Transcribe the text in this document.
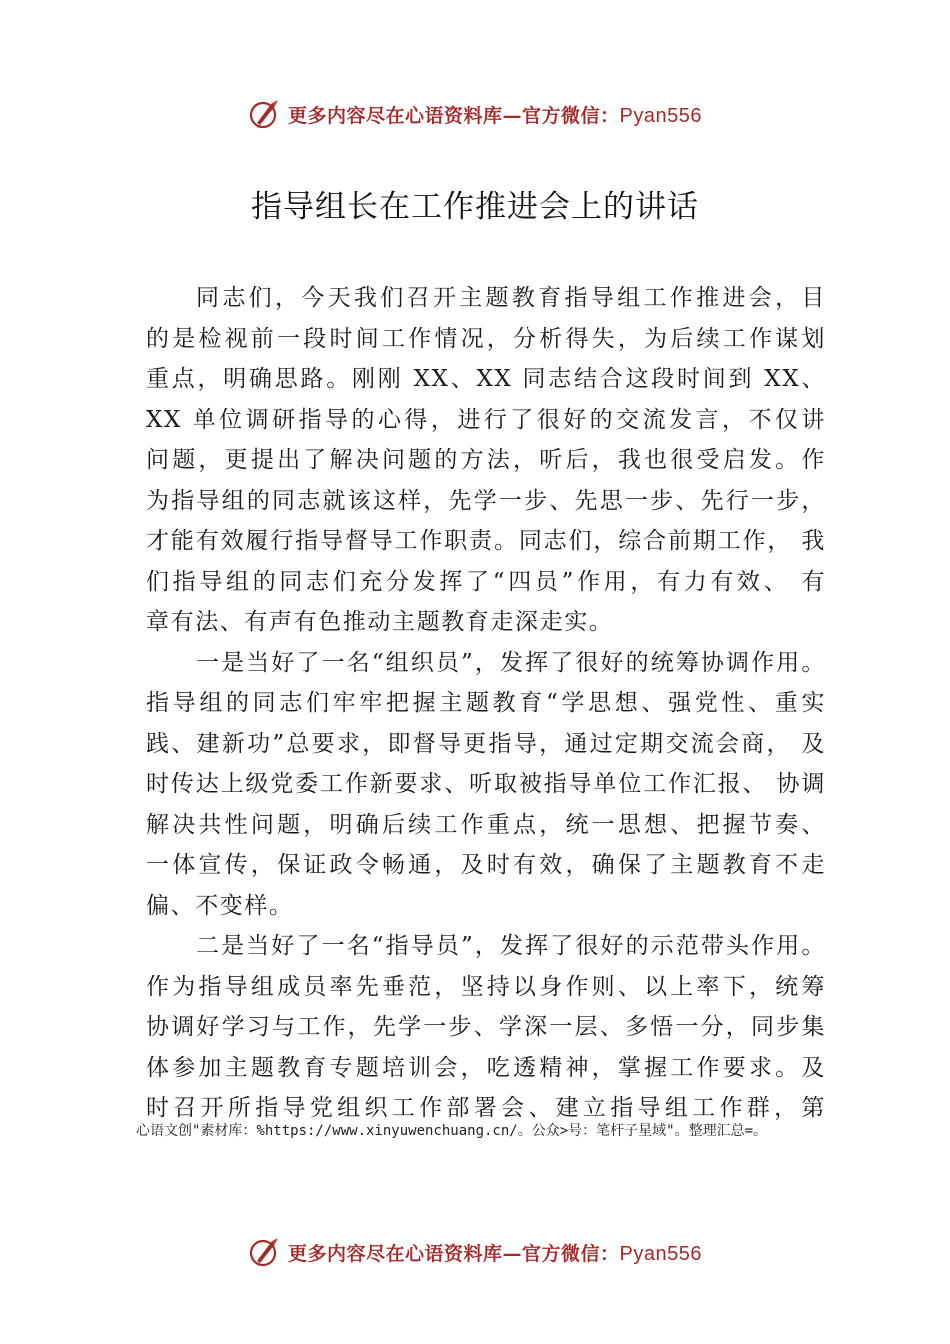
更多内容尽在心语资料库—官方微信：Pyan556
指导组长在工作推进会上的讲话
同志们，今天我们召开主题教育指导组工作推进会，目
的是检视前一段时间工作情况，分析得失，为后续工作谋划
重点，明确思路。刚刚 XX、XX 同志结合这段时间到 XX、
XX 单位调研指导的心得，进行了很好的交流发言，不仅讲
问题，更提出了解决问题的方法，听后，我也很受启发。作
为指导组的同志就该这样，先学一步、先思一步、先行一步，
才能有效履行指导督导工作职责。同志们，综合前期工作， 我
们指导组的同志们充分发挥了“四员”作用，有力有效、 有
章有法、有声有色推动主题教育走深走实。
一是当好了一名“组织员”，发挥了很好的统筹协调作用。
指导组的同志们牢牢把握主题教育“学思想、强党性、重实
践、建新功”总要求，即督导更指导，通过定期交流会商， 及
时传达上级党委工作新要求、听取被指导单位工作汇报、 协调
解决共性问题，明确后续工作重点，统一思想、把握节奏、
一体宣传，保证政令畅通，及时有效，确保了主题教育不走
偏、不变样。
二是当好了一名“指导员”，发挥了很好的示范带头作用。
作为指导组成员率先垂范，坚持以身作则、以上率下，统筹
协调好学习与工作，先学一步、学深一层、多悟一分，同步集
体参加主题教育专题培训会，吃透精神，掌握工作要求。及
时召开所指导党组织工作部署会、建立指导组工作群，第
心语文创"素材库：%https://www.xinyuwenchuang.cn/。公众>号：笔杆子星域"。整理汇总=。
更多内容尽在心语资料库—官方微信：Pyan556
